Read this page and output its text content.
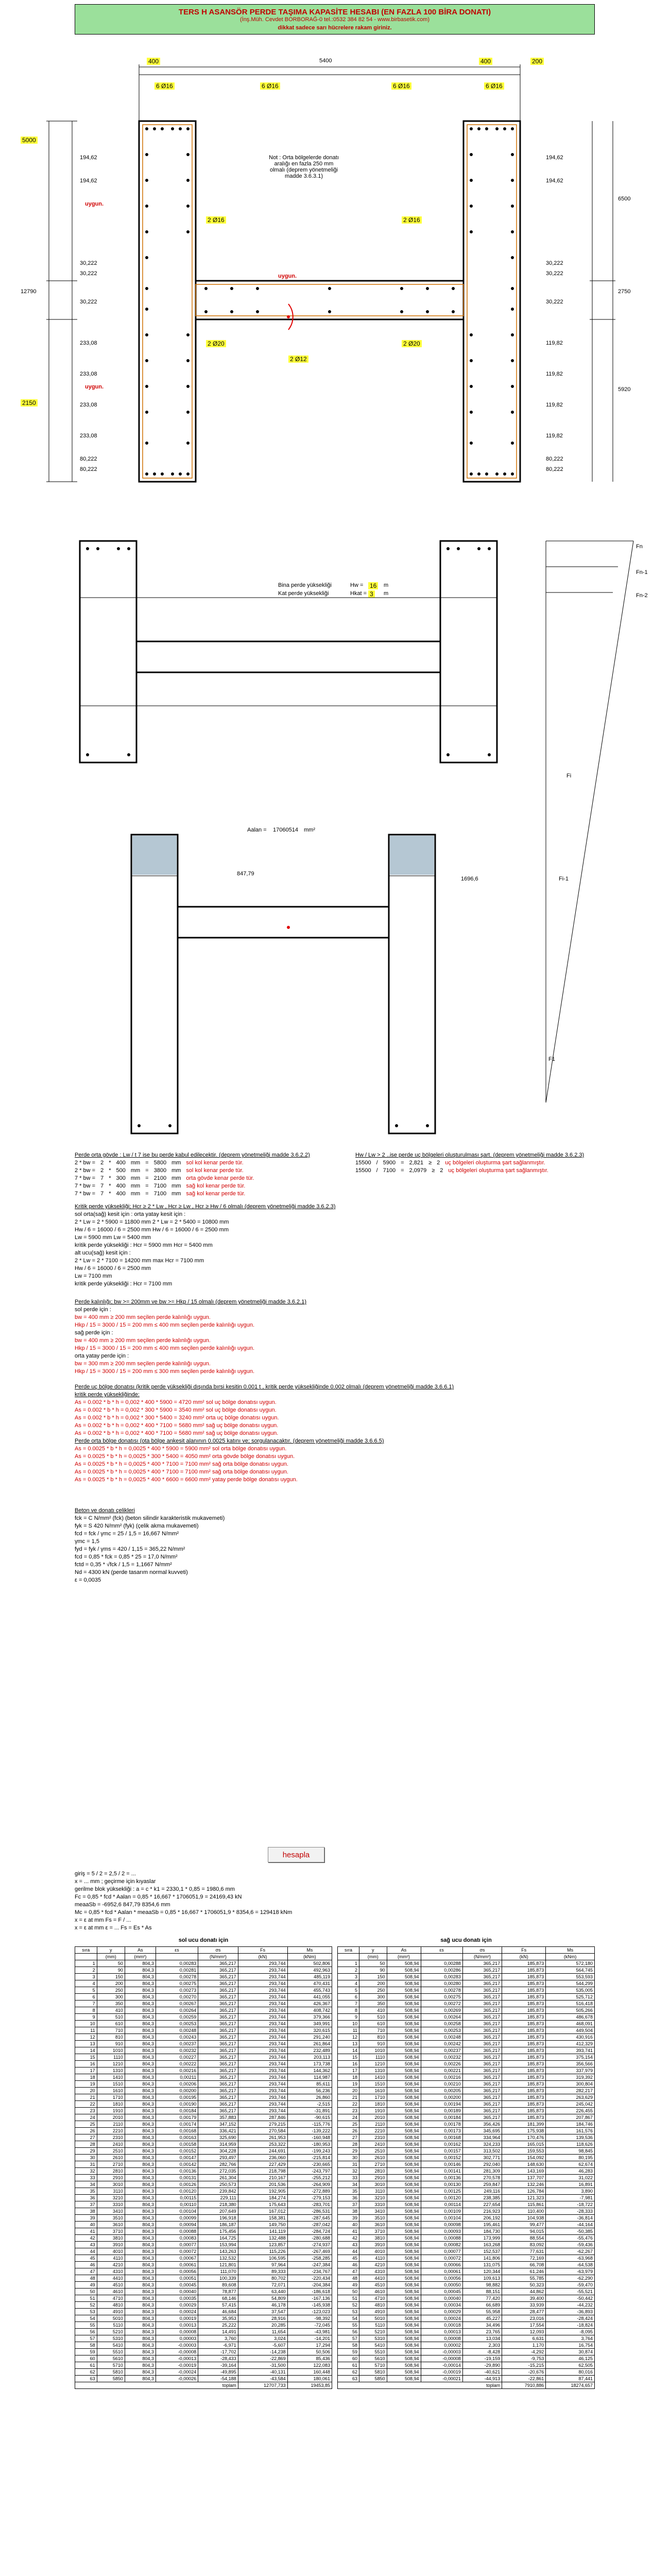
TERS H ASANSÖR PERDE TAŞIMA KAPASİTE HESABI (EN FAZLA 100 BİRA DONATI)
(İnş.Müh. Cevdet BORBORAĞ-0 tel.:0532 384 82 54 - www.birbasetik.com)
dikkat sadece sarı hücrelere rakam giriniz.
400	5400	400	200
6 Ø16	6 Ø16	6 Ø16	6 Ø16
194,62
194,62
194,62
194,62
30,222
30,222
30,222
30,222
30,222
30,222
233,08
233,08
233,08
233,08
119,82
119,82
119,82
119,82
80,222
80,222
80,222
80,222
Not : Orta bölgelerde donatı aralığı en fazla 250 mm olmalı (deprem yönetmeliği madde 3.6.3.1)
uygun.
uygun.
uygun.
5000
12790
2150
6500
5920
2750
2 Ø16	2 Ø16
2 Ø20	2 Ø20
2 Ø12
Bina perde yüksekliği
Kat perde yüksekliği
Hw = 16 m
Hkat = 3 m
Fn
Fn-1
Fn-2
Fi
Fi-1
F1
Aalan = 17060514 mm²
847,79
1696,6
Perde orta gövde : Lw / t 7 ise bu perde kabul edilecektir. (deprem yönetmeliği madde 3.6.2.2)
2 * bw = 2 * 400 mm = 5800 mm sol kol kenar perde tür.
2 * bw = 2 * 500 mm = 3800 mm sol kol kenar perde tür.
7 * bw = 7 * 300 mm = 2100 mm orta gövde kenar perde tür.
7 * bw = 7 * 400 mm = 7100 mm sağ kol kenar perde tür.
7 * bw = 7 * 400 mm = 7100 mm sağ kol kenar perde tür.
Hw / Lw > 2 ..ise perde uç bölgeleri oluşturulması şart. (deprem yönetmeliği madde 3.6.2.3)
15500 / 5900 = 2,821 ≥ 2 uç bölgeleri oluşturma şart sağlanmıştır.
15500 / 7100 = 2,0979 ≥ 2 uç bölgeleri oluşturma şart sağlanmıştır.
Kritik perde yüksekliği; Hcr ≥ 2 * Lw , Hcr ≥ Lw , Hcr ≥ Hw / 6 olmalı (deprem yönetmeliği madde 3.6.2.3)
sol orta(sağ) kesit için : orta yatay kesit için :
2 * Lw = 2 * 5900 = 11800 mm 2 * Lw = 2 * 5400 = 10800 mm
Hw / 6 = 16000 / 6 = 2500 mm Hw / 6 = 16000 / 6 = 2500 mm
Lw = 5900 mm Lw = 5400 mm
kritik perde yüksekliği : Hcr = 5900 mm Hcr = 5400 mm
alt ucu(sağ) kesit için :
2 * Lw = 2 * 7100 = 14200 mm max Hcr = 7100 mm
Hw / 6 = 16000 / 6 = 2500 mm
Lw = 7100 mm
kritik perde yüksekliği : Hcr = 7100 mm
Perde kalınlığı; bw >= 200mm ve bw >= Hkp / 15 olmalı (deprem yönetmeliği madde 3.6.2.1)
sol perde için :
bw = 400 mm ≥ 200 mm seçilen perde kalınlığı uygun.
Hkp / 15 = 3000 / 15 = 200 mm ≤ 400 mm seçilen perde kalınlığı uygun.
sağ perde için :
bw = 400 mm ≥ 200 mm seçilen perde kalınlığı uygun.
Hkp / 15 = 3000 / 15 = 200 mm ≤ 400 mm seçilen perde kalınlığı uygun.
orta yatay perde için :
bw = 300 mm ≥ 200 mm seçilen perde kalınlığı uygun.
Hkp / 15 = 3000 / 15 = 200 mm ≤ 300 mm seçilen perde kalınlığı uygun.
Perde uç bölge donatısı (kritik perde yüksekliği dışında bırsi kesitin 0.001 t , kritik perde yüksekliğinde 0.002 olmalı (deprem yönetmeliği madde 3.6.6.1)
kritik perde yüksekliğinde:
As = 0.002 * b * h = 0,002 * 400 * 5900 = 4720 mm² sol uç bölge donatısı uygun.
As = 0.002 * b * h = 0,002 * 300 * 5900 = 3540 mm² sol uç bölge donatısı uygun.
As = 0.002 * b * h = 0,002 * 300 * 5400 = 3240 mm² orta uç bölge donatısı uygun.
As = 0.002 * b * h = 0,002 * 400 * 7100 = 5680 mm² sağ uç bölge donatısı uygun.
As = 0.002 * b * h = 0,002 * 400 * 7100 = 5680 mm² sağ uç bölge donatısı uygun.
Perde orta bölge donatısı (ota bölge ankesit alanının 0.0025 katını ve; sorgulanacaktır. (deprem yönetmeliği madde 3.6.6.5)
As = 0.0025 * b * h = 0,0025 * 400 * 5900 = 5900 mm² sol orta bölge donatısı uygun.
As = 0.0025 * b * h = 0,0025 * 300 * 5400 = 4050 mm² orta gövde bölge donatısı uygun.
As = 0.0025 * b * h = 0,0025 * 400 * 7100 = 7100 mm² sağ orta bölge donatısı uygun.
As = 0.0025 * b * h = 0,0025 * 400 * 7100 = 7100 mm² sağ orta bölge donatısı uygun.
As = 0.0025 * b * h = 0,0025 * 400 * 6600 = 6600 mm² yatay perde bölge donatısı uygun.
Beton ve donatı çelikleri
fck = C N/mm² (fck) (beton silindir karakteristik mukavemeti)
fyk = S 420 N/mm² (fyk) (çelik akma mukavemeti)
fcd = fck / γmc = 25 / 1,5 = 16,667 N/mm²
γmc = 1,5
fyd = fyk / γms = 420 / 1,15 = 365,22 N/mm²
fcd = 0,85 * fck = 0,85 * 25 = 17,0 N/mm²
fctd = 0,35 * √fck / 1,5 = 1,1667 N/mm²
Nd = 4300 kN (perde tasarım normal kuvveti)
ε = 0,0035
hesapla
giriş = 5 / 2 = 2,5 / 2 = ...
x = ... mm ; geçirme için kıyaslar
gerilme blok yüksekliği : a = c * k1 = 2330,1 * 0,85 = 1980,6 mm
Fc = 0,85 * fcd * Aalan = 0,85 * 16,667 * 1706051,9 = 24169,43 kN
meaaSb = -6952,6 847,79 8354,6 mm
Mc = 0,85 * fcd * Aalan * meaaSb = 0,85 * 16,667 * 1706051,9 * 8354,6 = 129418 kNm
x = ε at mm Fs = F / ...
x = ε at mm ε = ... Fs = Es * As
sol ucu donatı için	sağ ucu donatı için
sıra	y	As	εs	σs	Fs	Ms
	(mm)	(mm²)		(N/mm²)	(kN)	(kNm)
1	50	804,3	0,00283	365,217	293,744	502,806
2	90	804,3	0,00281	365,217	293,744	492,963
3	150	804,3	0,00278	365,217	293,744	485,119
4	200	804,3	0,00275	365,217	293,744	470,431
5	250	804,3	0,00273	365,217	293,744	455,743
6	300	804,3	0,00270	365,217	293,744	441,055
7	350	804,3	0,00267	365,217	293,744	426,367
8	410	804,3	0,00264	365,217	293,744	408,742
9	510	804,3	0,00259	365,217	293,744	379,366
10	610	804,3	0,00253	365,217	293,744	349,991
11	710	804,3	0,00248	365,217	293,744	320,615
12	810	804,3	0,00243	365,217	293,744	291,240
13	910	804,3	0,00237	365,217	293,744	261,864
14	1010	804,3	0,00232	365,217	293,744	232,489
15	1110	804,3	0,00227	365,217	293,744	203,113
16	1210	804,3	0,00222	365,217	293,744	173,738
17	1310	804,3	0,00216	365,217	293,744	144,362
18	1410	804,3	0,00211	365,217	293,744	114,987
19	1510	804,3	0,00206	365,217	293,744	85,611
20	1610	804,3	0,00200	365,217	293,744	56,236
21	1710	804,3	0,00195	365,217	293,744	26,860
22	1810	804,3	0,00190	365,217	293,744	-2,515
23	1910	804,3	0,00184	365,217	293,744	-31,891
24	2010	804,3	0,00179	357,883	287,846	-90,615
25	2110	804,3	0,00174	347,152	279,215	-115,776
26	2210	804,3	0,00168	336,421	270,584	-139,222
27	2310	804,3	0,00163	325,690	261,953	-160,948
28	2410	804,3	0,00158	314,959	253,322	-180,953
29	2510	804,3	0,00152	304,228	244,691	-199,243
30	2610	804,3	0,00147	293,497	236,060	-215,814
31	2710	804,3	0,00142	282,766	227,429	-230,665
32	2810	804,3	0,00136	272,035	218,798	-243,797
33	2910	804,3	0,00131	261,304	210,167	-255,212
34	3010	804,3	0,00126	250,573	201,536	-264,909
35	3110	804,3	0,00120	239,842	192,905	-272,889
36	3210	804,3	0,00115	229,111	184,274	-279,153
37	3310	804,3	0,00110	218,380	175,643	-283,701
38	3410	804,3	0,00104	207,649	167,012	-286,531
39	3510	804,3	0,00099	196,918	158,381	-287,645
40	3610	804,3	0,00094	186,187	149,750	-287,042
41	3710	804,3	0,00088	175,456	141,119	-284,724
42	3810	804,3	0,00083	164,725	132,488	-280,688
43	3910	804,3	0,00077	153,994	123,857	-274,937
44	4010	804,3	0,00072	143,263	115,226	-267,469
45	4110	804,3	0,00067	132,532	106,595	-258,285
46	4210	804,3	0,00061	121,801	97,964	-247,384
47	4310	804,3	0,00056	111,070	89,333	-234,767
48	4410	804,3	0,00051	100,339	80,702	-220,434
49	4510	804,3	0,00045	89,608	72,071	-204,384
50	4610	804,3	0,00040	78,877	63,440	-186,618
51	4710	804,3	0,00035	68,146	54,809	-167,136
52	4810	804,3	0,00029	57,415	46,178	-145,938
53	4910	804,3	0,00024	46,684	37,547	-123,023
54	5010	804,3	0,00019	35,953	28,916	-98,392
55	5110	804,3	0,00013	25,222	20,285	-72,045
56	5210	804,3	0,00008	14,491	11,654	-43,981
57	5310	804,3	0,00003	3,760	3,024	-14,201
58	5410	804,3	-0,00003	-6,971	-5,607	17,294
59	5510	804,3	-0,00008	-17,702	-14,238	50,506
60	5610	804,3	-0,00013	-28,433	-22,869	85,436
61	5710	804,3	-0,00019	-39,164	-31,500	122,083
62	5810	804,3	-0,00024	-49,895	-40,131	160,448
63	5850	804,3	-0,00026	-54,188	-43,584	180,061
toplam					12707,733	19453,85
sıra	y	As	εs	σs	Fs	Ms
	(mm)	(mm²)		(N/mm²)	(kN)	(kNm)
1	50	508,94	0,00288	365,217	185,873	572,180
2	90	508,94	0,00286	365,217	185,873	564,745
3	150	508,94	0,00283	365,217	185,873	553,593
4	200	508,94	0,00280	365,217	185,873	544,299
5	250	508,94	0,00278	365,217	185,873	535,005
6	300	508,94	0,00275	365,217	185,873	525,712
7	350	508,94	0,00272	365,217	185,873	516,418
8	410	508,94	0,00269	365,217	185,873	505,266
9	510	508,94	0,00264	365,217	185,873	486,678
10	610	508,94	0,00258	365,217	185,873	468,091
11	710	508,94	0,00253	365,217	185,873	449,504
12	810	508,94	0,00248	365,217	185,873	430,916
13	910	508,94	0,00242	365,217	185,873	412,329
14	1010	508,94	0,00237	365,217	185,873	393,741
15	1110	508,94	0,00232	365,217	185,873	375,154
16	1210	508,94	0,00226	365,217	185,873	356,566
17	1310	508,94	0,00221	365,217	185,873	337,979
18	1410	508,94	0,00216	365,217	185,873	319,392
19	1510	508,94	0,00210	365,217	185,873	300,804
20	1610	508,94	0,00205	365,217	185,873	282,217
21	1710	508,94	0,00200	365,217	185,873	263,629
22	1810	508,94	0,00194	365,217	185,873	245,042
23	1910	508,94	0,00189	365,217	185,873	226,455
24	2010	508,94	0,00184	365,217	185,873	207,867
25	2110	508,94	0,00178	356,426	181,399	184,746
26	2210	508,94	0,00173	345,695	175,938	161,576
27	2310	508,94	0,00168	334,964	170,476	139,536
28	2410	508,94	0,00162	324,233	165,015	118,626
29	2510	508,94	0,00157	313,502	159,553	98,845
30	2610	508,94	0,00152	302,771	154,092	80,195
31	2710	508,94	0,00146	292,040	148,630	62,674
32	2810	508,94	0,00141	281,309	143,169	46,283
33	2910	508,94	0,00136	270,578	137,707	31,022
34	3010	508,94	0,00130	259,847	132,246	16,891
35	3110	508,94	0,00125	249,116	126,784	3,890
36	3210	508,94	0,00120	238,385	121,323	-7,981
37	3310	508,94	0,00114	227,654	115,861	-18,722
38	3410	508,94	0,00109	216,923	110,400	-28,333
39	3510	508,94	0,00104	206,192	104,938	-36,814
40	3610	508,94	0,00098	195,461	99,477	-44,164
41	3710	508,94	0,00093	184,730	94,015	-50,385
42	3810	508,94	0,00088	173,999	88,554	-55,476
43	3910	508,94	0,00082	163,268	83,092	-59,436
44	4010	508,94	0,00077	152,537	77,631	-62,267
45	4110	508,94	0,00072	141,806	72,169	-63,968
46	4210	508,94	0,00066	131,075	66,708	-64,538
47	4310	508,94	0,00061	120,344	61,246	-63,979
48	4410	508,94	0,00056	109,613	55,785	-62,290
49	4510	508,94	0,00050	98,882	50,323	-59,470
50	4610	508,94	0,00045	88,151	44,862	-55,521
51	4710	508,94	0,00040	77,420	39,400	-50,442
52	4810	508,94	0,00034	66,689	33,939	-44,232
53	4910	508,94	0,00029	55,958	28,477	-36,893
54	5010	508,94	0,00024	45,227	23,016	-28,424
55	5110	508,94	0,00018	34,496	17,554	-18,824
56	5210	508,94	0,00013	23,765	12,093	-8,095
57	5310	508,94	0,00008	13,034	6,631	3,764
58	5410	508,94	0,00002	2,303	1,170	16,754
59	5510	508,94	-0,00003	-8,428	-4,292	30,874
60	5610	508,94	-0,00008	-19,159	-9,753	46,125
61	5710	508,94	-0,00014	-29,890	-15,215	62,505
62	5810	508,94	-0,00019	-40,621	-20,676	80,016
63	5850	508,94	-0,00021	-44,913	-22,861	87,441
toplam					7910,886	18274,657
